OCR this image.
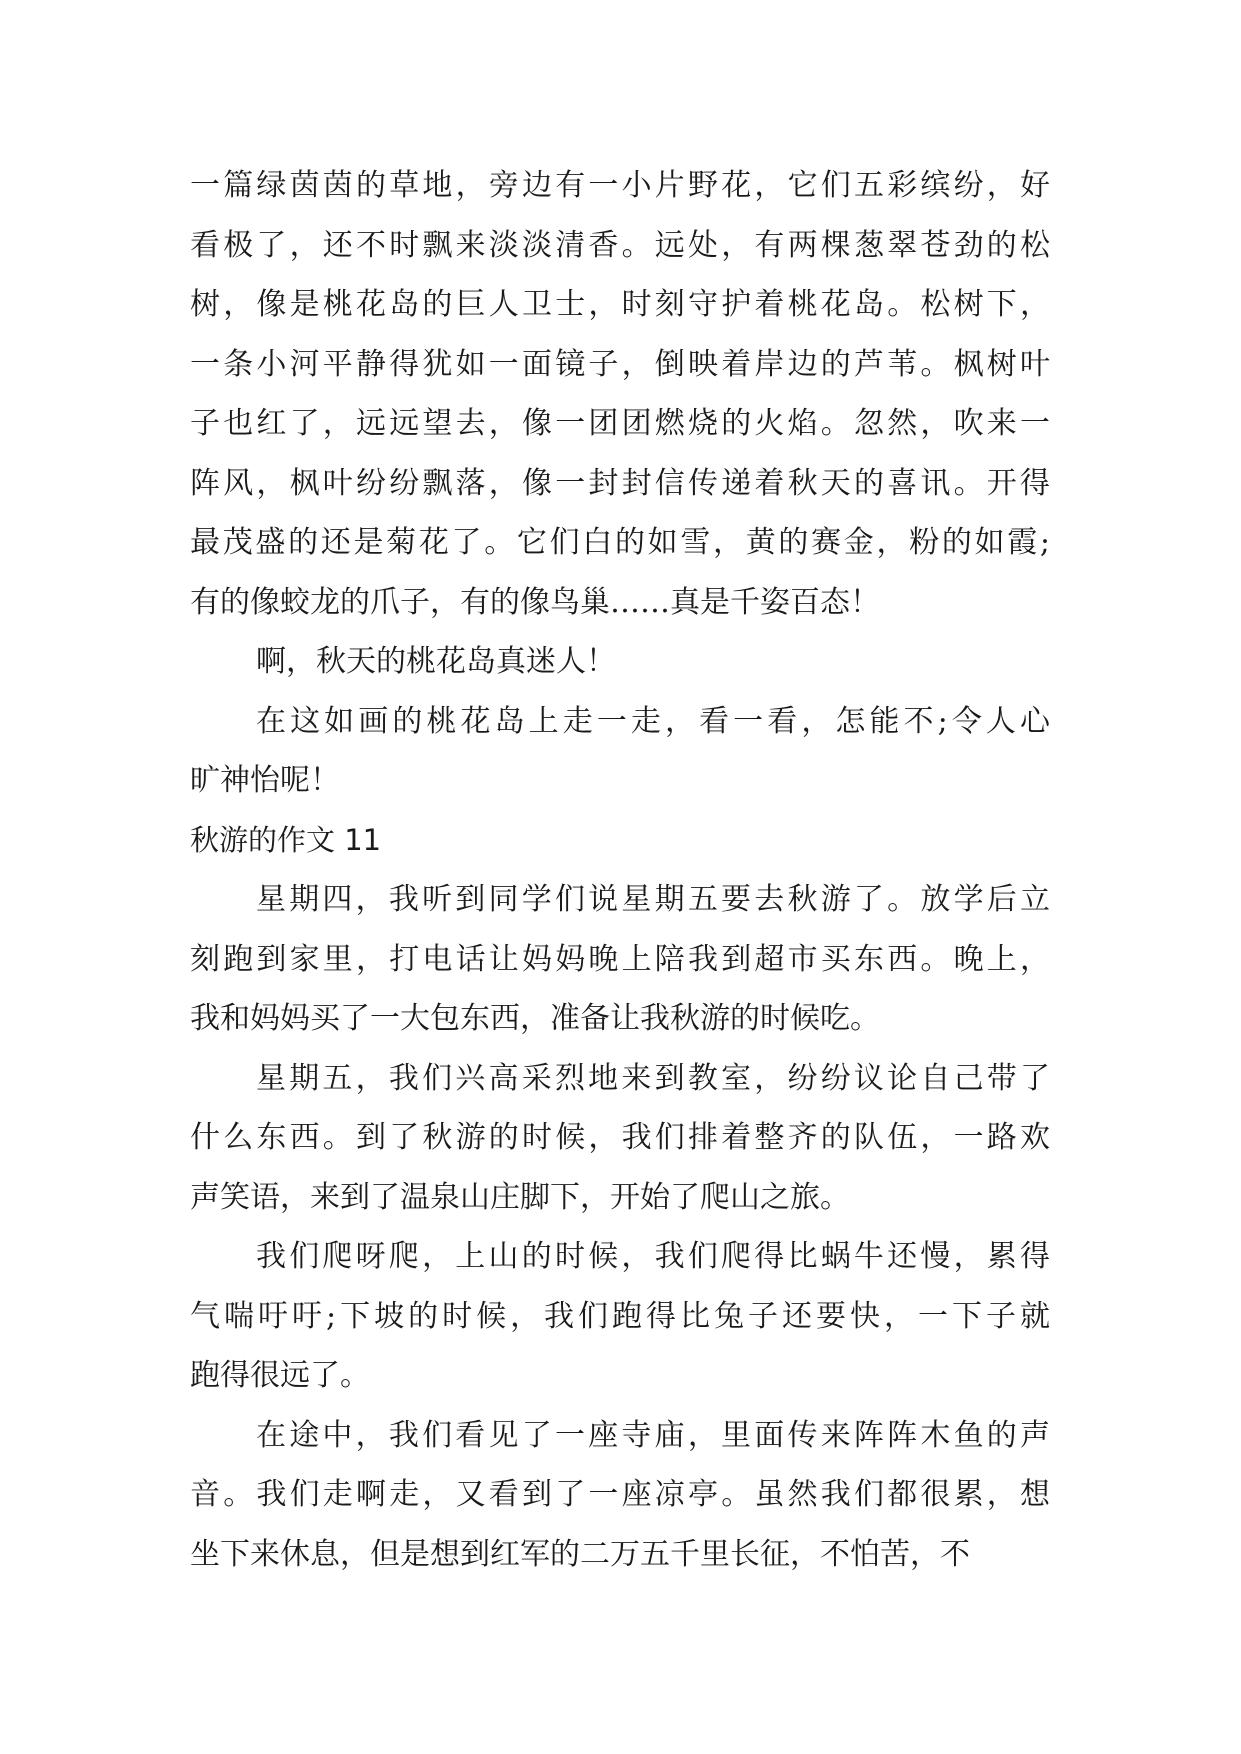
一篇绿茵茵的草地，旁边有一小片野花，它们五彩缤纷，好
看极了，还不时飘来淡淡清香。远处，有两棵葱翠苍劲的松
树，像是桃花岛的巨人卫士，时刻守护着桃花岛。松树下，
一条小河平静得犹如一面镜子，倒映着岸边的芦苇。枫树叶
子也红了，远远望去，像一团团燃烧的火焰。忽然，吹来一
阵风，枫叶纷纷飘落，像一封封信传递着秋天的喜讯。开得
最茂盛的还是菊花了。它们白的如雪，黄的赛金，粉的如霞;
有的像蛟龙的爪子，有的像鸟巢……真是千姿百态！
啊，秋天的桃花岛真迷人！
在这如画的桃花岛上走一走，看一看，怎能不;令人心
旷神怡呢！
秋游的作文 11
星期四，我听到同学们说星期五要去秋游了。放学后立
刻跑到家里，打电话让妈妈晚上陪我到超市买东西。晚上，
我和妈妈买了一大包东西，准备让我秋游的时候吃。
星期五，我们兴高采烈地来到教室，纷纷议论自己带了
什么东西。到了秋游的时候，我们排着整齐的队伍，一路欢
声笑语，来到了温泉山庄脚下，开始了爬山之旅。
我们爬呀爬，上山的时候，我们爬得比蜗牛还慢，累得
气喘吁吁;下坡的时候，我们跑得比兔子还要快，一下子就
跑得很远了。
在途中，我们看见了一座寺庙，里面传来阵阵木鱼的声
音。我们走啊走，又看到了一座凉亭。虽然我们都很累，想
坐下来休息，但是想到红军的二万五千里长征，不怕苦，不
